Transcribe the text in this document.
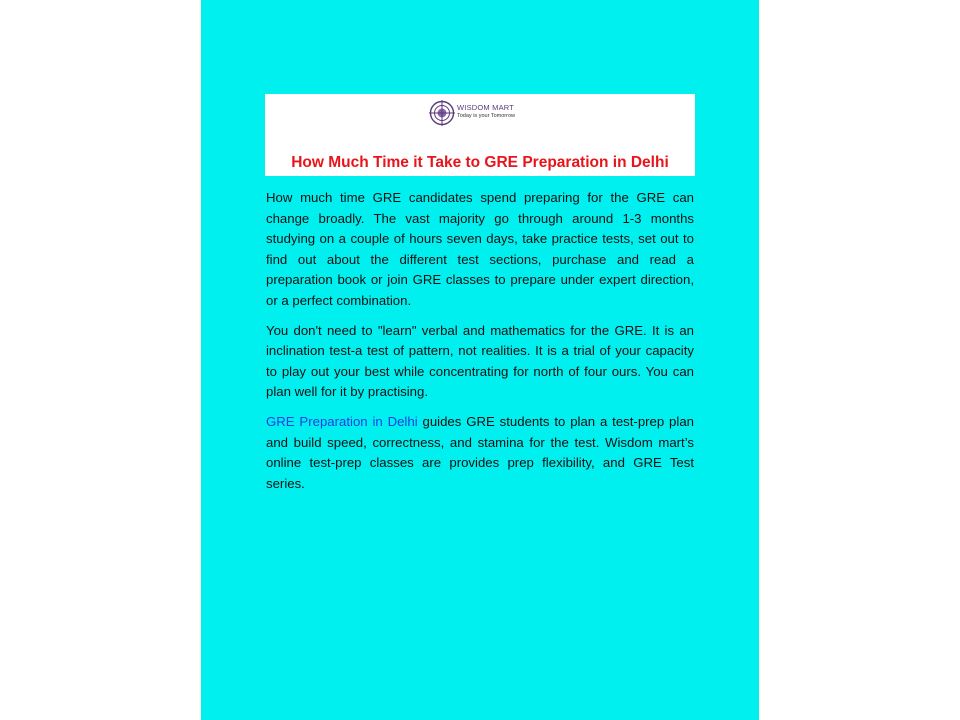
WISDOM MART
Today is your Tomorrow
How Much Time it Take to GRE Preparation in Delhi

How much time GRE candidates spend preparing for the GRE can change broadly. The vast majority go through around 1-3 months studying on a couple of hours seven days, take practice tests, set out to find out about the different test sections, purchase and read a preparation book or join GRE classes to prepare under expert direction, or a perfect combination.

You don't need to "learn" verbal and mathematics for the GRE. It is an inclination test-a test of pattern, not realities. It is a trial of your capacity to play out your best while concentrating for north of four ours. You can plan well for it by practising.

GRE Preparation in Delhi guides GRE students to plan a test-prep plan and build speed, correctness, and stamina for the test. Wisdom mart’s online test-prep classes are provides prep flexibility, and GRE Test series.
